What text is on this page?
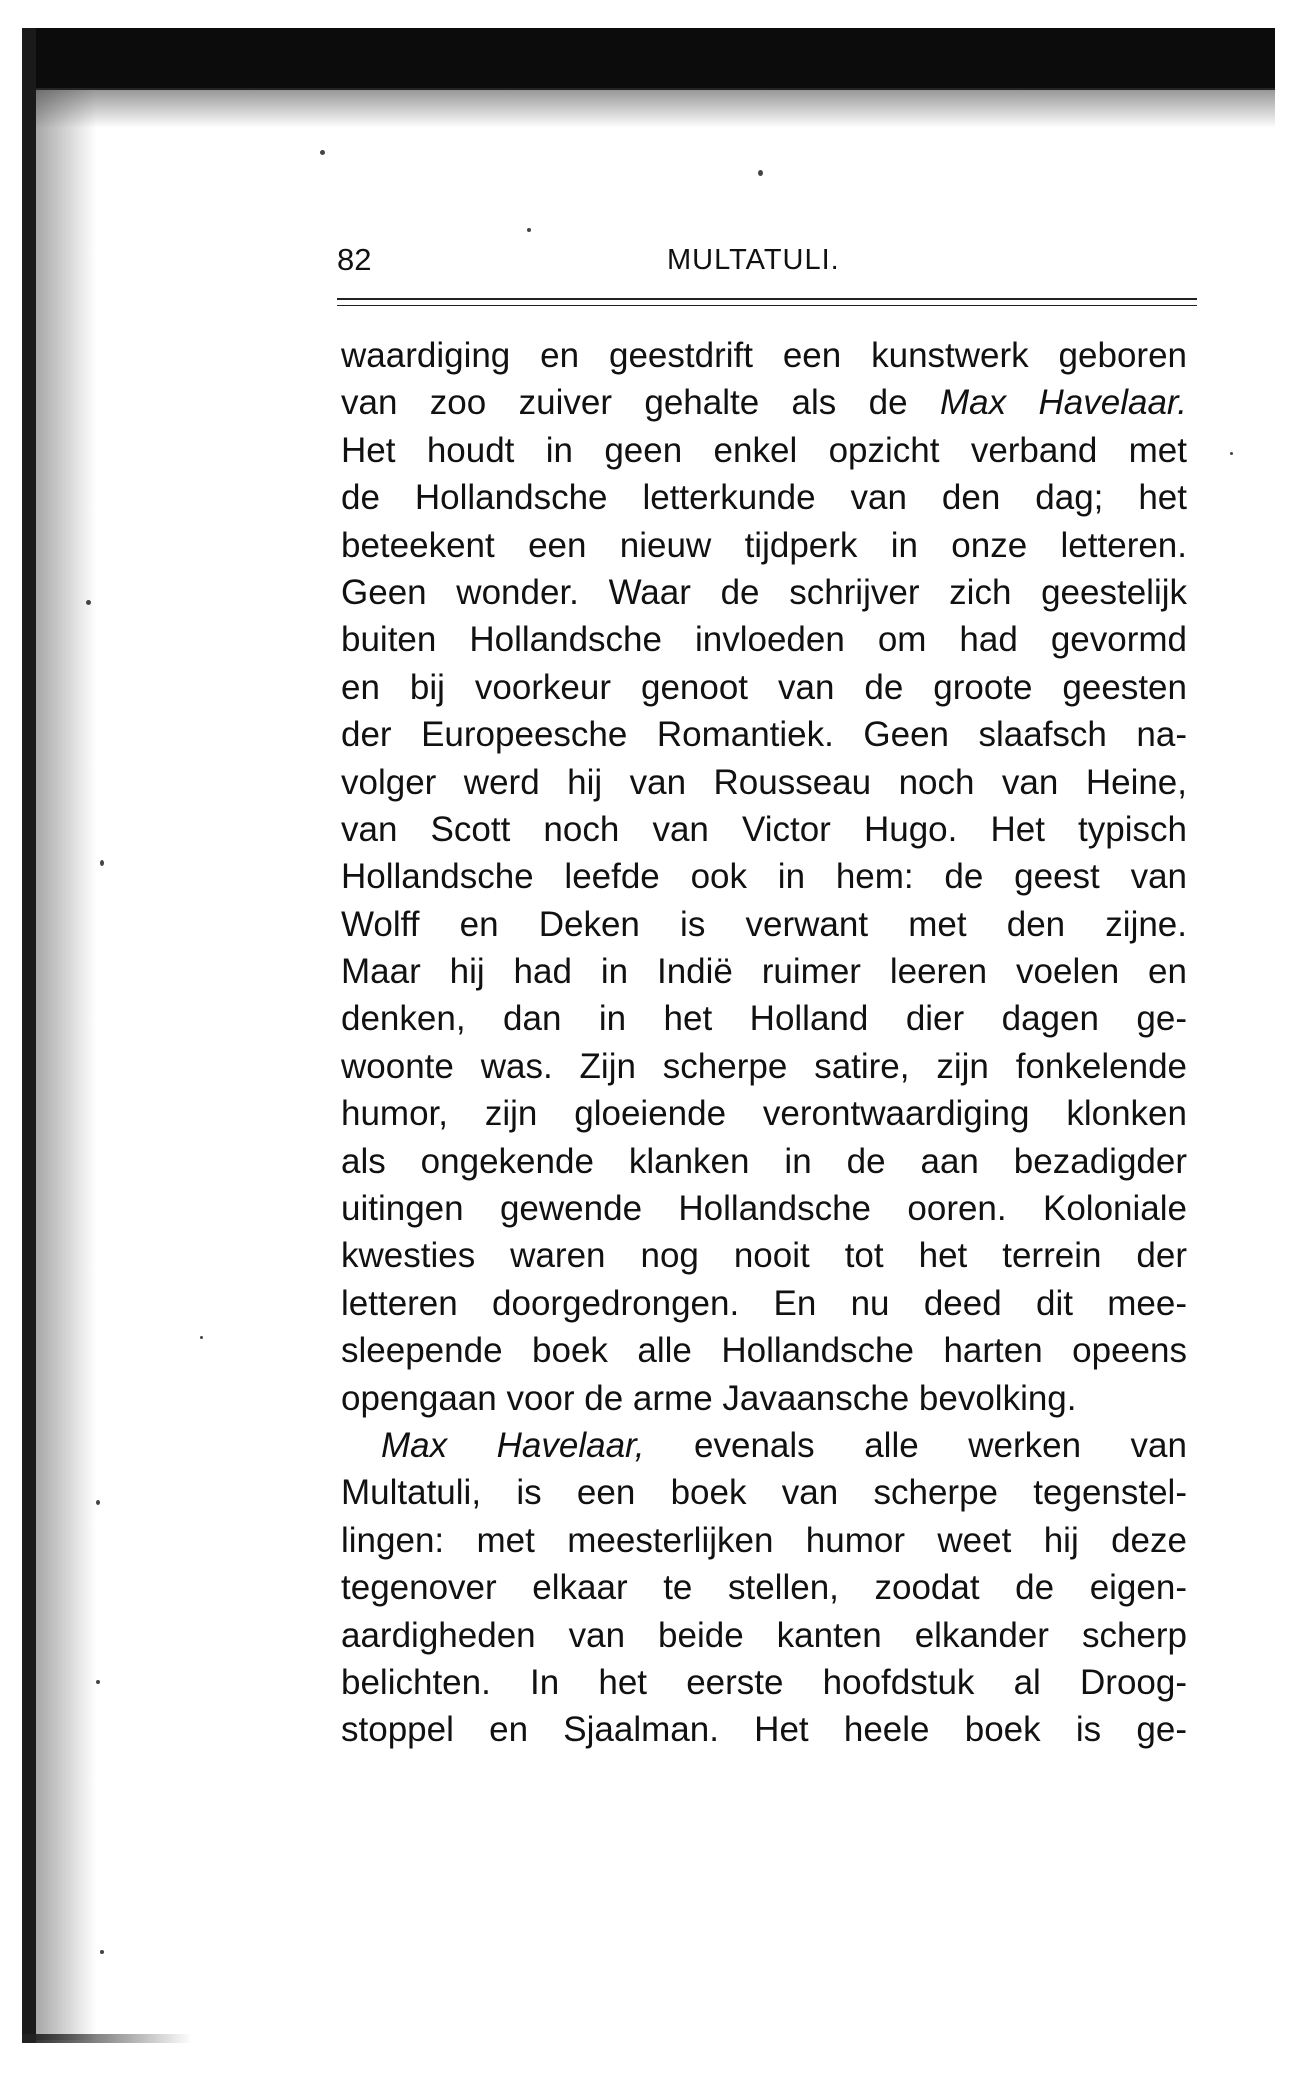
82	MULTATULI.
waardiging en geestdrift een kunstwerk geboren
van zoo zuiver gehalte als de Max Havelaar.
Het houdt in geen enkel opzicht verband met
de Hollandsche letterkunde van den dag; het
beteekent een nieuw tijdperk in onze letteren.
Geen wonder. Waar de schrijver zich geestelijk
buiten Hollandsche invloeden om had gevormd
en bij voorkeur genoot van de groote geesten
der Europeesche Romantiek. Geen slaafsch na-
volger werd hij van Rousseau noch van Heine,
van Scott noch van Victor Hugo. Het typisch
Hollandsche leefde ook in hem: de geest van
Wolff en Deken is verwant met den zijne.
Maar hij had in Indië ruimer leeren voelen en
denken, dan in het Holland dier dagen ge-
woonte was. Zijn scherpe satire, zijn fonkelende
humor, zijn gloeiende verontwaardiging klonken
als ongekende klanken in de aan bezadigder
uitingen gewende Hollandsche ooren. Koloniale
kwesties waren nog nooit tot het terrein der
letteren doorgedrongen. En nu deed dit mee-
sleepende boek alle Hollandsche harten opeens
opengaan voor de arme Javaansche bevolking.
Max Havelaar, evenals alle werken van
Multatuli, is een boek van scherpe tegenstel-
lingen: met meesterlijken humor weet hij deze
tegenover elkaar te stellen, zoodat de eigen-
aardigheden van beide kanten elkander scherp
belichten. In het eerste hoofdstuk al Droog-
stoppel en Sjaalman. Het heele boek is ge-
